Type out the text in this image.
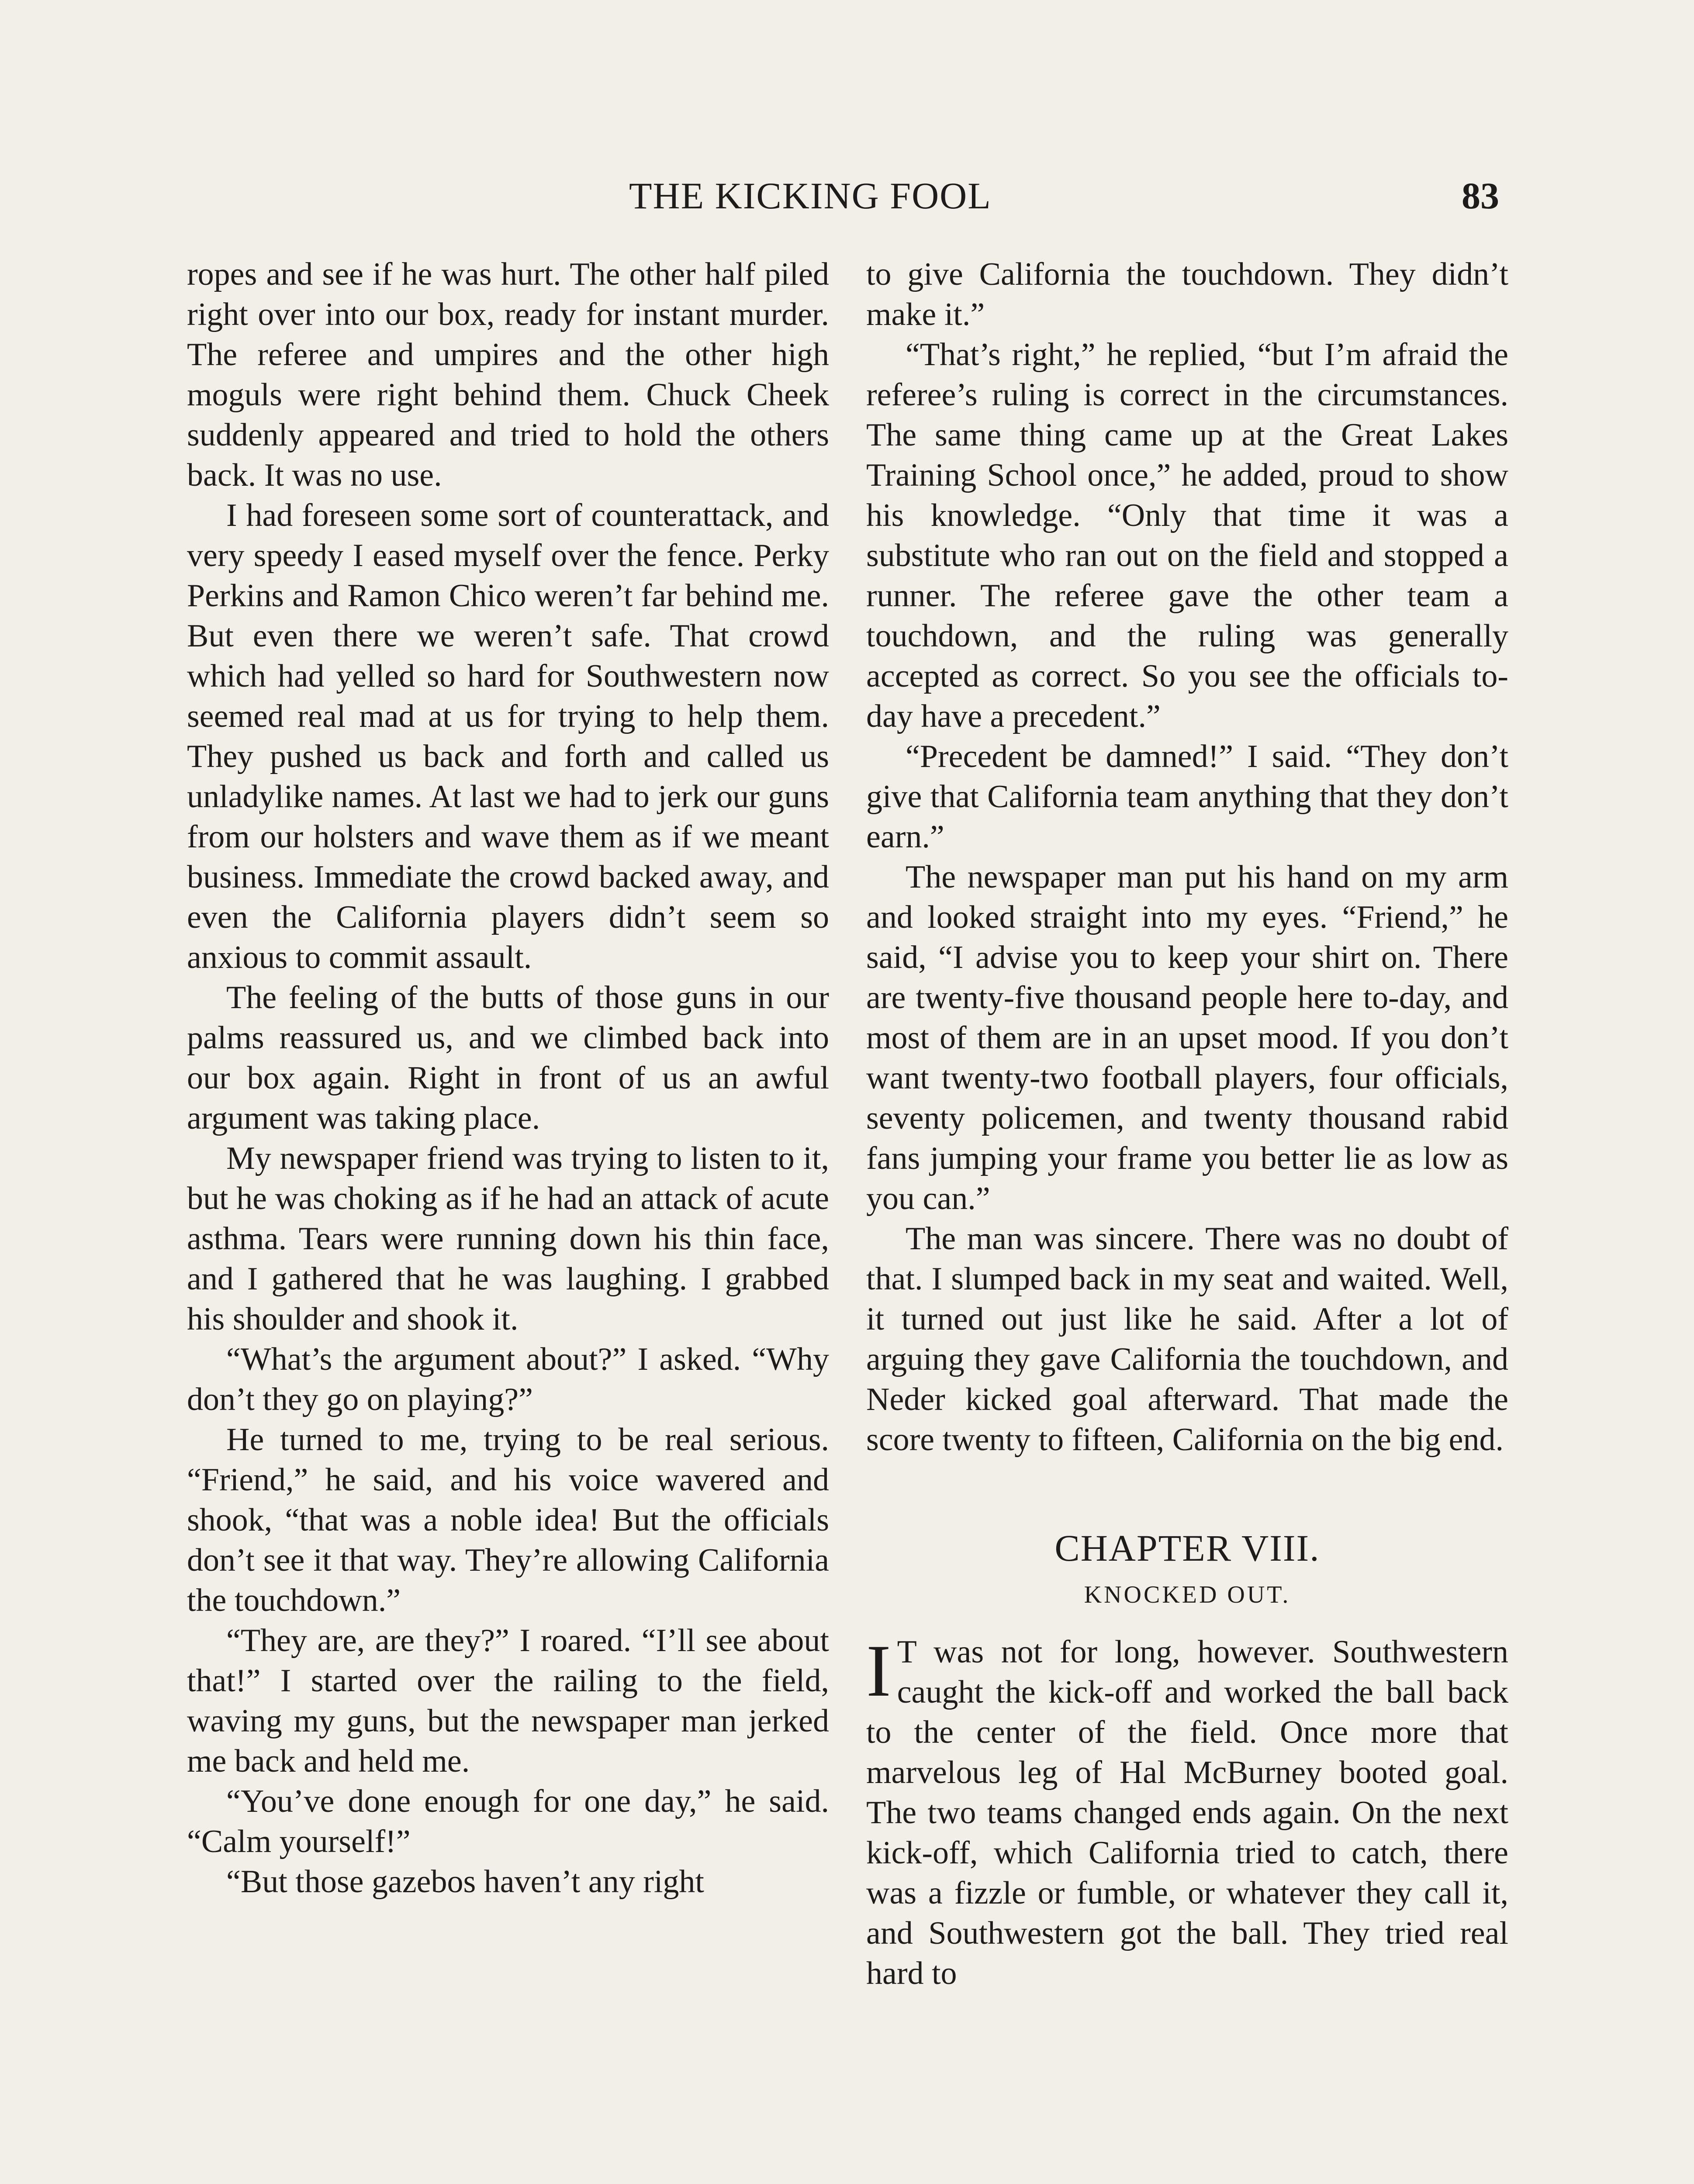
THE KICKING FOOL	83

ropes and see if he was hurt. The other half piled right over into our box, ready for instant murder. The referee and umpires and the other high moguls were right behind them. Chuck Cheek suddenly appeared and tried to hold the others back. It was no use.

I had foreseen some sort of counterattack, and very speedy I eased myself over the fence. Perky Perkins and Ramon Chico weren’t far behind me. But even there we weren’t safe. That crowd which had yelled so hard for Southwestern now seemed real mad at us for trying to help them. They pushed us back and forth and called us unladylike names. At last we had to jerk our guns from our holsters and wave them as if we meant business. Immediate the crowd backed away, and even the California players didn’t seem so anxious to commit assault.

The feeling of the butts of those guns in our palms reassured us, and we climbed back into our box again. Right in front of us an awful argument was taking place.

My newspaper friend was trying to listen to it, but he was choking as if he had an attack of acute asthma. Tears were running down his thin face, and I gathered that he was laughing. I grabbed his shoulder and shook it.

“What’s the argument about?” I asked. “Why don’t they go on playing?”

He turned to me, trying to be real serious. “Friend,” he said, and his voice wavered and shook, “that was a noble idea! But the officials don’t see it that way. They’re allowing California the touchdown.”

“They are, are they?” I roared. “I’ll see about that!” I started over the railing to the field, waving my guns, but the newspaper man jerked me back and held me.

“You’ve done enough for one day,” he said. “Calm yourself!”

“But those gazebos haven’t any right

to give California the touchdown. They didn’t make it.”

“That’s right,” he replied, “but I’m afraid the referee’s ruling is correct in the circumstances. The same thing came up at the Great Lakes Training School once,” he added, proud to show his knowledge. “Only that time it was a substitute who ran out on the field and stopped a runner. The referee gave the other team a touchdown, and the ruling was generally accepted as correct. So you see the officials to-day have a precedent.”

“Precedent be damned!” I said. “They don’t give that California team anything that they don’t earn.”

The newspaper man put his hand on my arm and looked straight into my eyes. “Friend,” he said, “I advise you to keep your shirt on. There are twenty-five thousand people here to-day, and most of them are in an upset mood. If you don’t want twenty-two football players, four officials, seventy policemen, and twenty thousand rabid fans jumping your frame you better lie as low as you can.”

The man was sincere. There was no doubt of that. I slumped back in my seat and waited. Well, it turned out just like he said. After a lot of arguing they gave California the touchdown, and Neder kicked goal afterward. That made the score twenty to fifteen, California on the big end.

CHAPTER VIII.
KNOCKED OUT.

I T was not for long, however. Southwestern caught the kick-off and worked the ball back to the center of the field. Once more that marvelous leg of Hal McBurney booted goal. The two teams changed ends again. On the next kick-off, which California tried to catch, there was a fizzle or fumble, or whatever they call it, and Southwestern got the ball. They tried real hard to
